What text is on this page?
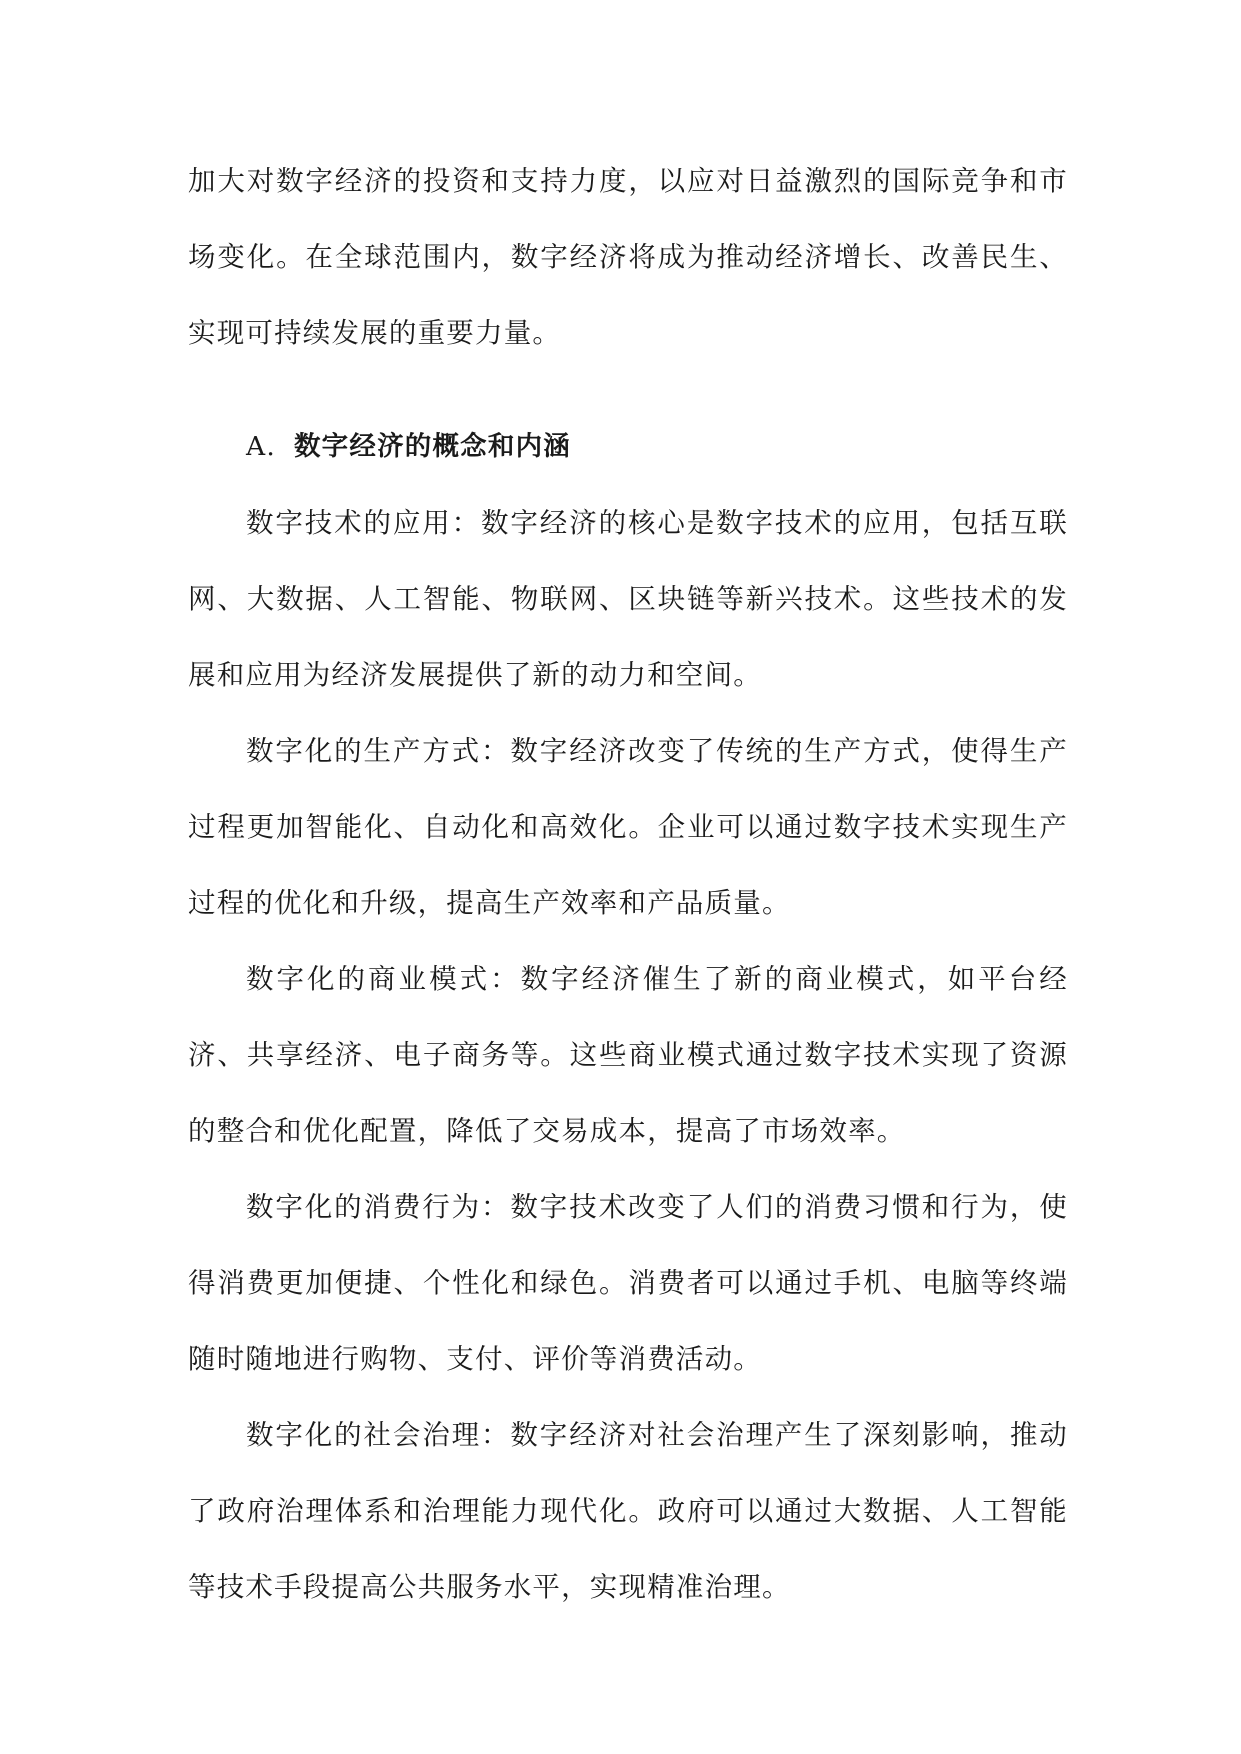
加大对数字经济的投资和支持力度，以应对日益激烈的国际竞争和市场变化。在全球范围内，数字经济将成为推动经济增长、改善民生、实现可持续发展的重要力量。

A. 数字经济的概念和内涵

数字技术的应用：数字经济的核心是数字技术的应用，包括互联网、大数据、人工智能、物联网、区块链等新兴技术。这些技术的发展和应用为经济发展提供了新的动力和空间。

数字化的生产方式：数字经济改变了传统的生产方式，使得生产过程更加智能化、自动化和高效化。企业可以通过数字技术实现生产过程的优化和升级，提高生产效率和产品质量。

数字化的商业模式：数字经济催生了新的商业模式，如平台经济、共享经济、电子商务等。这些商业模式通过数字技术实现了资源的整合和优化配置，降低了交易成本，提高了市场效率。

数字化的消费行为：数字技术改变了人们的消费习惯和行为，使得消费更加便捷、个性化和绿色。消费者可以通过手机、电脑等终端随时随地进行购物、支付、评价等消费活动。

数字化的社会治理：数字经济对社会治理产生了深刻影响，推动了政府治理体系和治理能力现代化。政府可以通过大数据、人工智能等技术手段提高公共服务水平，实现精准治理。
